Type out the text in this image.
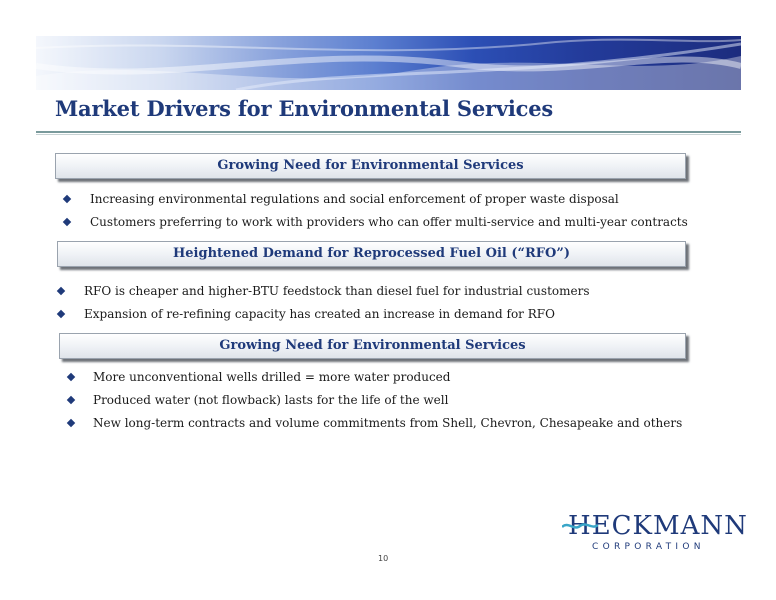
Market Drivers for Environmental Services
Growing Need for Environmental Services
Increasing environmental regulations and social enforcement of proper waste disposal
Customers preferring to work with providers who can offer multi-service and multi-year contracts
Heightened Demand for Reprocessed Fuel Oil (“RFO”)
RFO is cheaper and higher-BTU feedstock than diesel fuel for industrial customers
Expansion of re-refining capacity has created an increase in demand for RFO
Growing Need for Environmental Services
More unconventional wells drilled = more water produced
Produced water (not flowback) lasts for the life of the well
New long-term contracts and volume commitments from Shell, Chevron, Chesapeake and others
HECKMANN
CORPORATION
10
